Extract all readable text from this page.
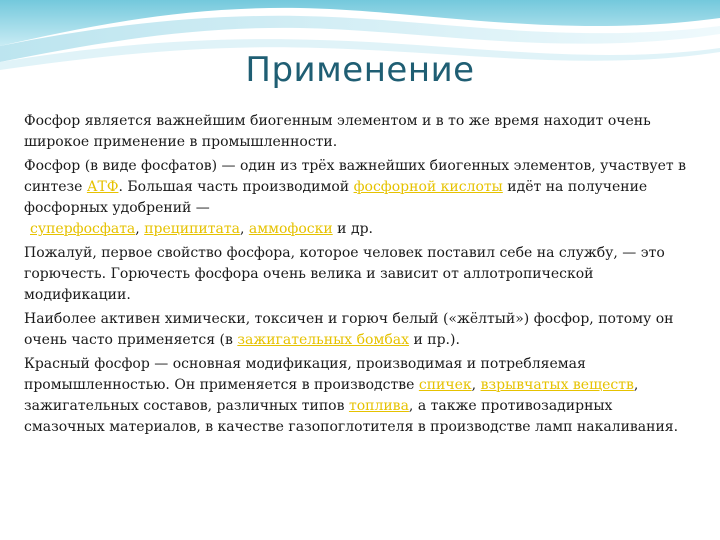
Применение

Фосфор является важнейшим биогенным элементом и в то же время находит очень широкое применение в промышленности.

Фосфор (в виде фосфатов) — один из трёх важнейших биогенных элементов, участвует в синтезе АТФ. Большая часть производимой фосфорной кислоты идёт на получение фосфорных удобрений —
суперфосфата, преципитата, аммофоски и др.

Пожалуй, первое свойство фосфора, которое человек поставил себе на службу, — это горючесть. Горючесть фосфора очень велика и зависит от аллотропической модификации.

Наиболее активен химически, токсичен и горюч белый («жёлтый») фосфор, потому он очень часто применяется (в зажигательных бомбах и пр.).

Красный фосфор — основная модификация, производимая и потребляемая промышленностью. Он применяется в производстве спичек, взрывчатых веществ, зажигательных составов, различных типов топлива, а также противозадирных смазочных материалов, в качестве газопоглотителя в производстве ламп накаливания.
